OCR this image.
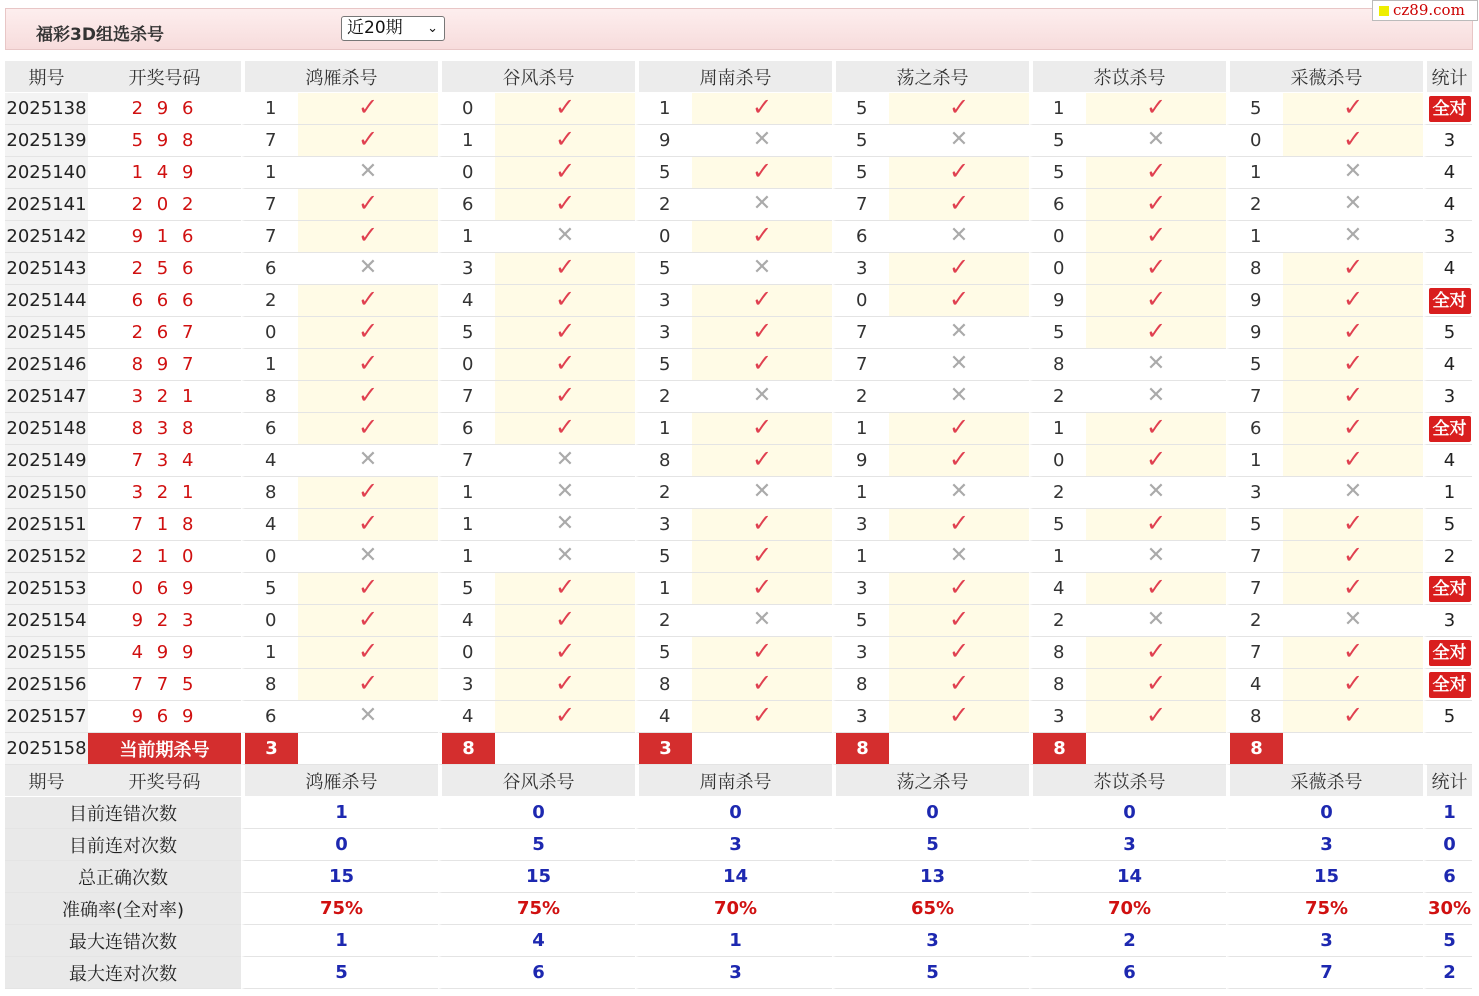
福彩3D组选杀号	近20期 ⌄
cz89.com
期号	开奖号码	鸿雁杀号		谷风杀号		周南杀号		荡之杀号		苶苡杀号		采薇杀号		统计
2025138	2 9 6	1	✓	0	✓	1	✓	5	✓	1	✓	5	✓	全对
2025139	5 9 8	7	✓	1	✓	9	✕	5	✕	5	✕	0	✓	3
2025140	1 4 9	1	✕	0	✓	5	✓	5	✓	5	✓	1	✕	4
2025141	2 0 2	7	✓	6	✓	2	✕	7	✓	6	✓	2	✕	4
2025142	9 1 6	7	✓	1	✕	0	✓	6	✕	0	✓	1	✕	3
2025143	2 5 6	6	✕	3	✓	5	✕	3	✓	0	✓	8	✓	4
2025144	6 6 6	2	✓	4	✓	3	✓	0	✓	9	✓	9	✓	全对
2025145	2 6 7	0	✓	5	✓	3	✓	7	✕	5	✓	9	✓	5
2025146	8 9 7	1	✓	0	✓	5	✓	7	✕	8	✕	5	✓	4
2025147	3 2 1	8	✓	7	✓	2	✕	2	✕	2	✕	7	✓	3
2025148	8 3 8	6	✓	6	✓	1	✓	1	✓	1	✓	6	✓	全对
2025149	7 3 4	4	✕	7	✕	8	✓	9	✓	0	✓	1	✓	4
2025150	3 2 1	8	✓	1	✕	2	✕	1	✕	2	✕	3	✕	1
2025151	7 1 8	4	✓	1	✕	3	✓	3	✓	5	✓	5	✓	5
2025152	2 1 0	0	✕	1	✕	5	✓	1	✕	1	✕	7	✓	2
2025153	0 6 9	5	✓	5	✓	1	✓	3	✓	4	✓	7	✓	全对
2025154	9 2 3	0	✓	4	✓	2	✕	5	✓	2	✕	2	✕	3
2025155	4 9 9	1	✓	0	✓	5	✓	3	✓	8	✓	7	✓	全对
2025156	7 7 5	8	✓	3	✓	8	✓	8	✓	8	✓	4	✓	全对
2025157	9 6 9	6	✕	4	✓	4	✓	3	✓	3	✓	8	✓	5
2025158	当前期杀号	3		8		3		8		8		8		
期号	开奖号码	鸿雁杀号		谷风杀号		周南杀号		荡之杀号		苶苡杀号		采薇杀号		统计
目前连错次数		1		0		0		0		0		0		1
目前连对次数		0		5		3		5		3		3		0
总正确次数		15		15		14		13		14		15		6
准确率(全对率)		75%		75%		70%		65%		70%		75%		30%
最大连错次数		1		4		1		3		2		3		5
最大连对次数		5		6		3		5		6		7		2
